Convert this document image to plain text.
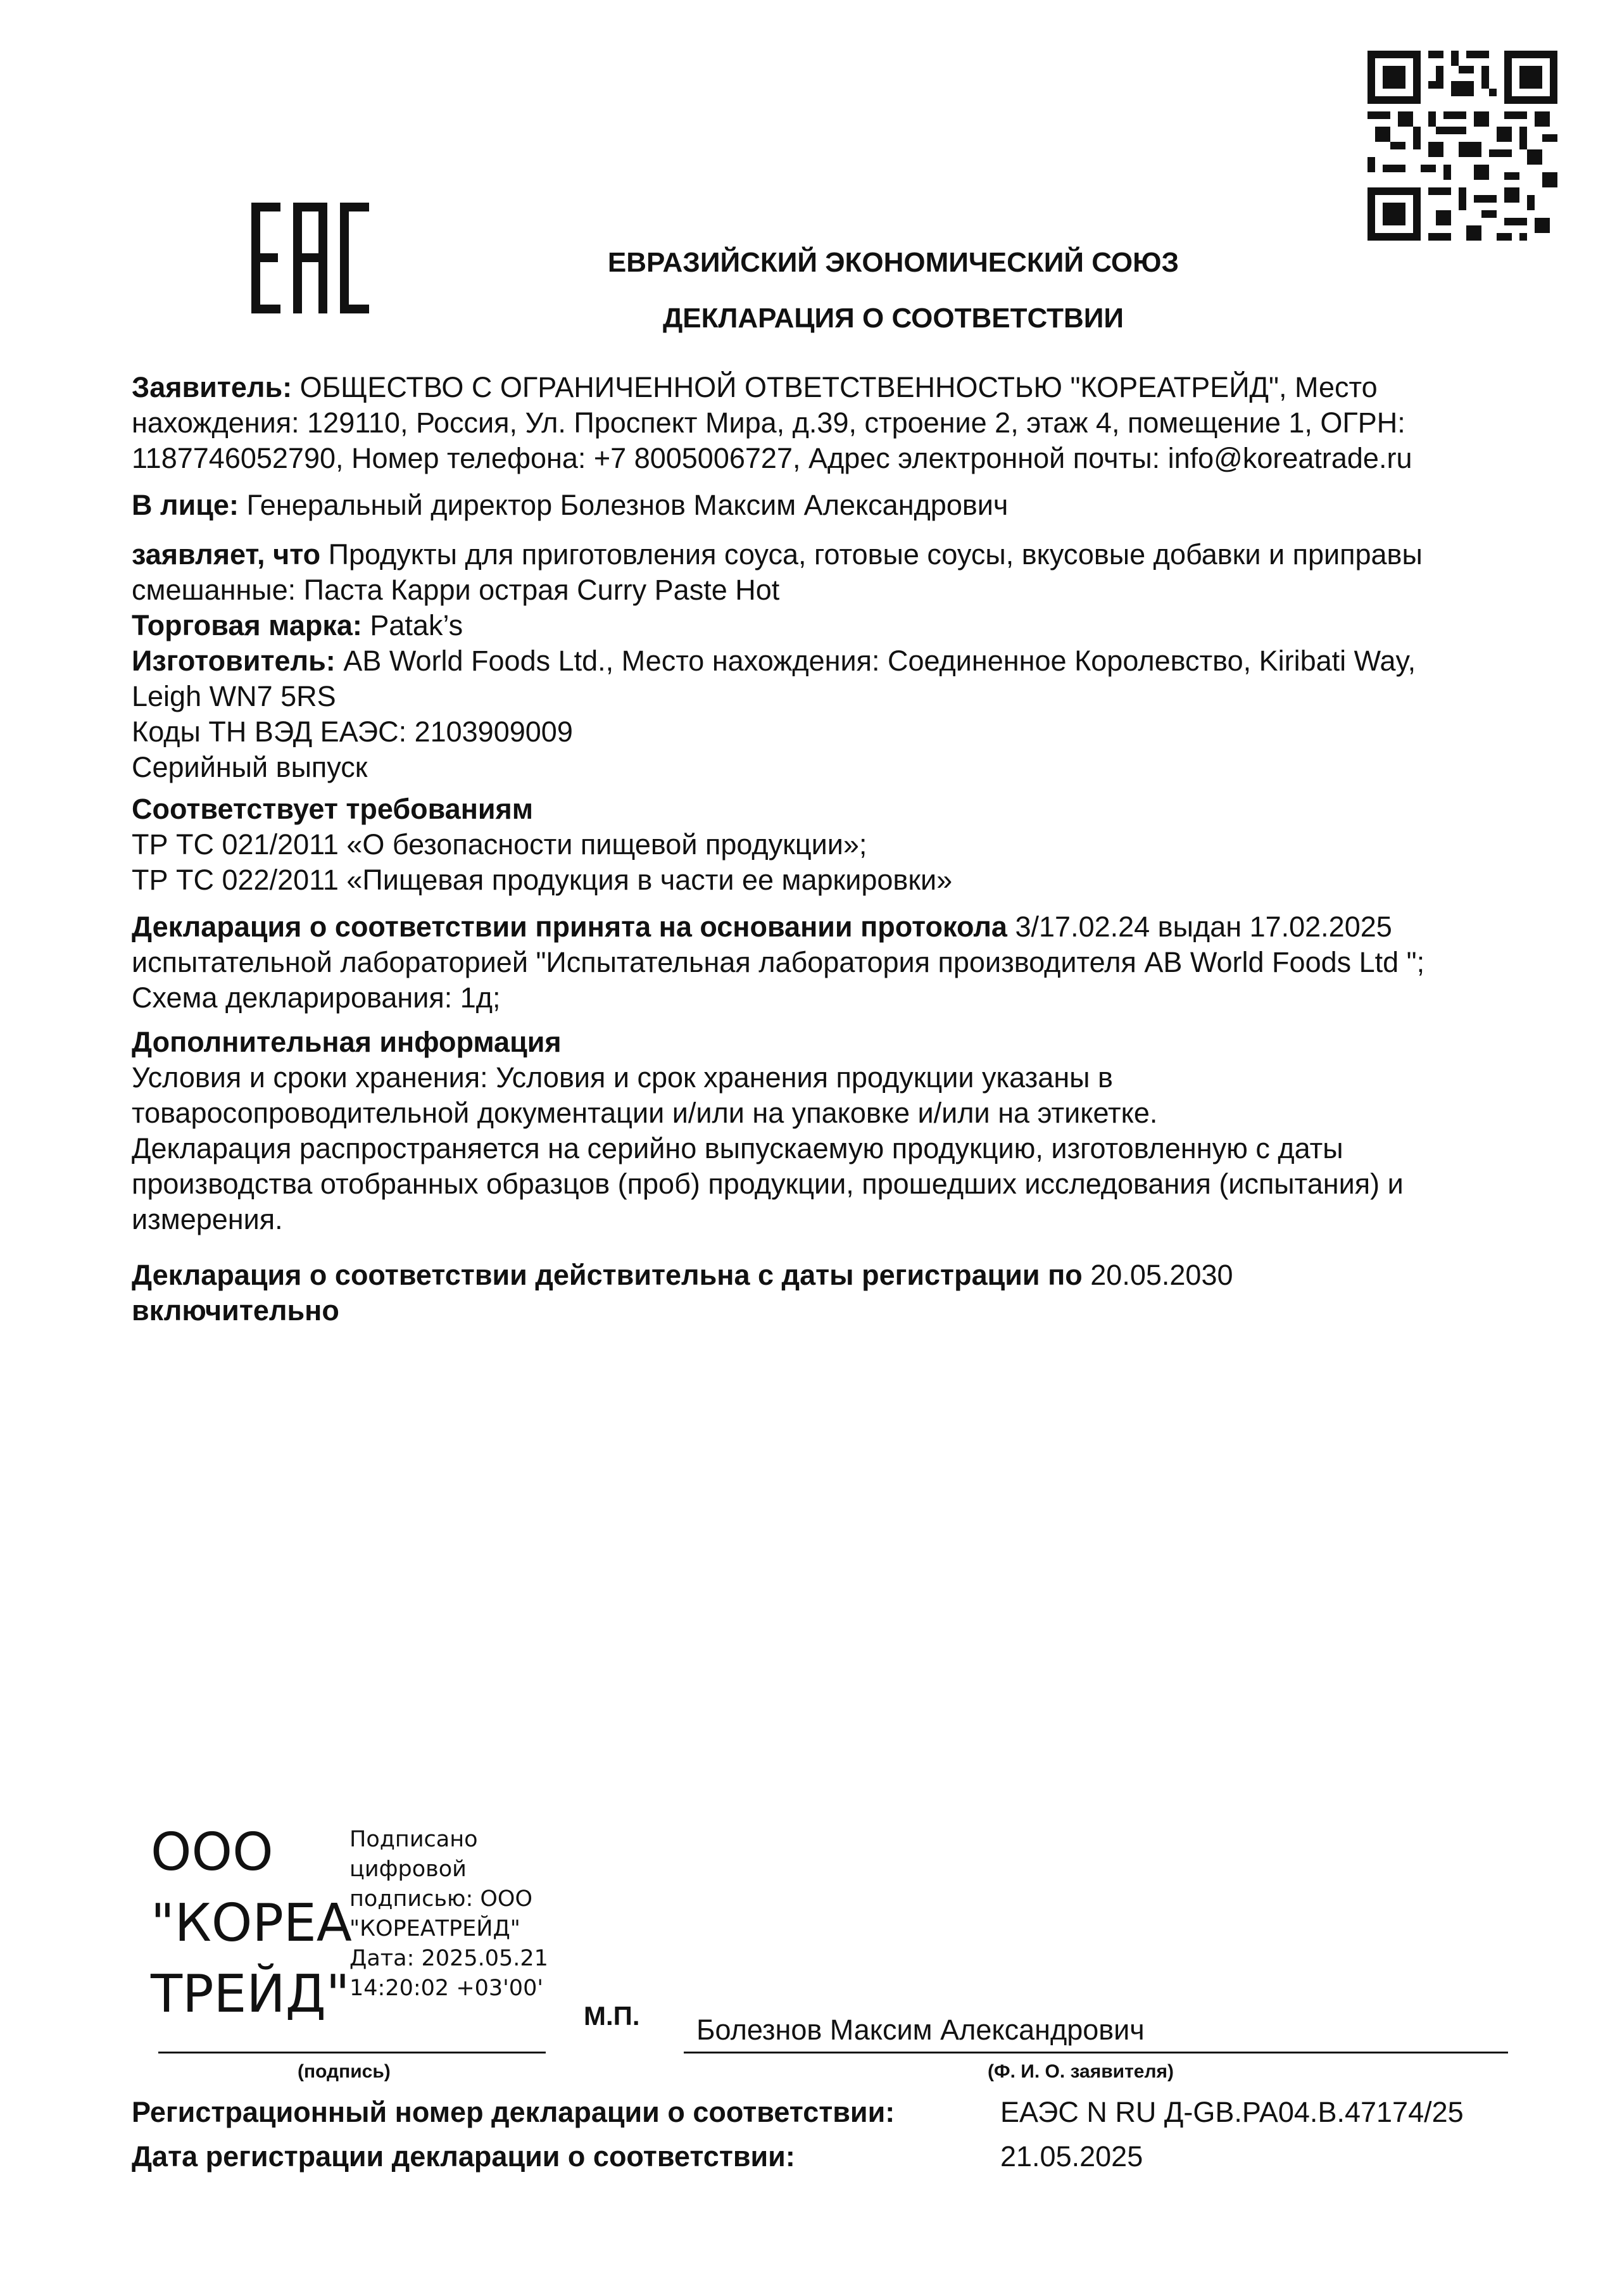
ЕВРАЗИЙСКИЙ ЭКОНОМИЧЕСКИЙ СОЮЗ
ДЕКЛАРАЦИЯ О СООТВЕТСТВИИ
Заявитель: ОБЩЕСТВО С ОГРАНИЧЕННОЙ ОТВЕТСТВЕННОСТЬЮ "КОРЕАТРЕЙД", Место
нахождения: 129110, Россия, Ул. Проспект Мира, д.39, строение 2, этаж 4, помещение 1, ОГРН:
1187746052790, Номер телефона: +7 8005006727, Адрес электронной почты: info@koreatrade.ru
В лице: Генеральный директор Болезнов Максим Александрович
заявляет, что Продукты для приготовления соуса, готовые соусы, вкусовые добавки и приправы
смешанные: Паста Карри острая Curry Paste Hot
Торговая марка: Patak’s
Изготовитель: AB World Foods Ltd., Место нахождения: Соединенное Королевство, Kiribati Way,
Leigh WN7 5RS
Коды ТН ВЭД ЕАЭС: 2103909009
Серийный выпуск
Соответствует требованиям
ТР ТС 021/2011 «О безопасности пищевой продукции»;
ТР ТС 022/2011 «Пищевая продукция в части ее маркировки»
Декларация о соответствии принята на основании протокола 3/17.02.24 выдан 17.02.2025
испытательной лабораторией "Испытательная лаборатория производителя AB World Foods Ltd ";
Схема декларирования: 1д;
Дополнительная информация
Условия и сроки хранения: Условия и срок хранения продукции указаны в
товаросопроводительной документации и/или на упаковке и/или на этикетке.
Декларация распространяется на серийно выпускаемую продукцию, изготовленную с даты
производства отобранных образцов (проб) продукции, прошедших исследования (испытания) и
измерения.
Декларация о соответствии действительна с даты регистрации по 20.05.2030
включительно
ООО
"КОРЕА
ТРЕЙД"
Подписано
цифровой
подписью: ООО
"КОРЕАТРЕЙД"
Дата: 2025.05.21
14:20:02 +03'00'
М.П. Болезнов Максим Александрович
(подпись)	(Ф. И. О. заявителя)
Регистрационный номер декларации о соответствии:	ЕАЭС N RU Д-GB.РА04.В.47174/25
Дата регистрации декларации о соответствии:	21.05.2025
